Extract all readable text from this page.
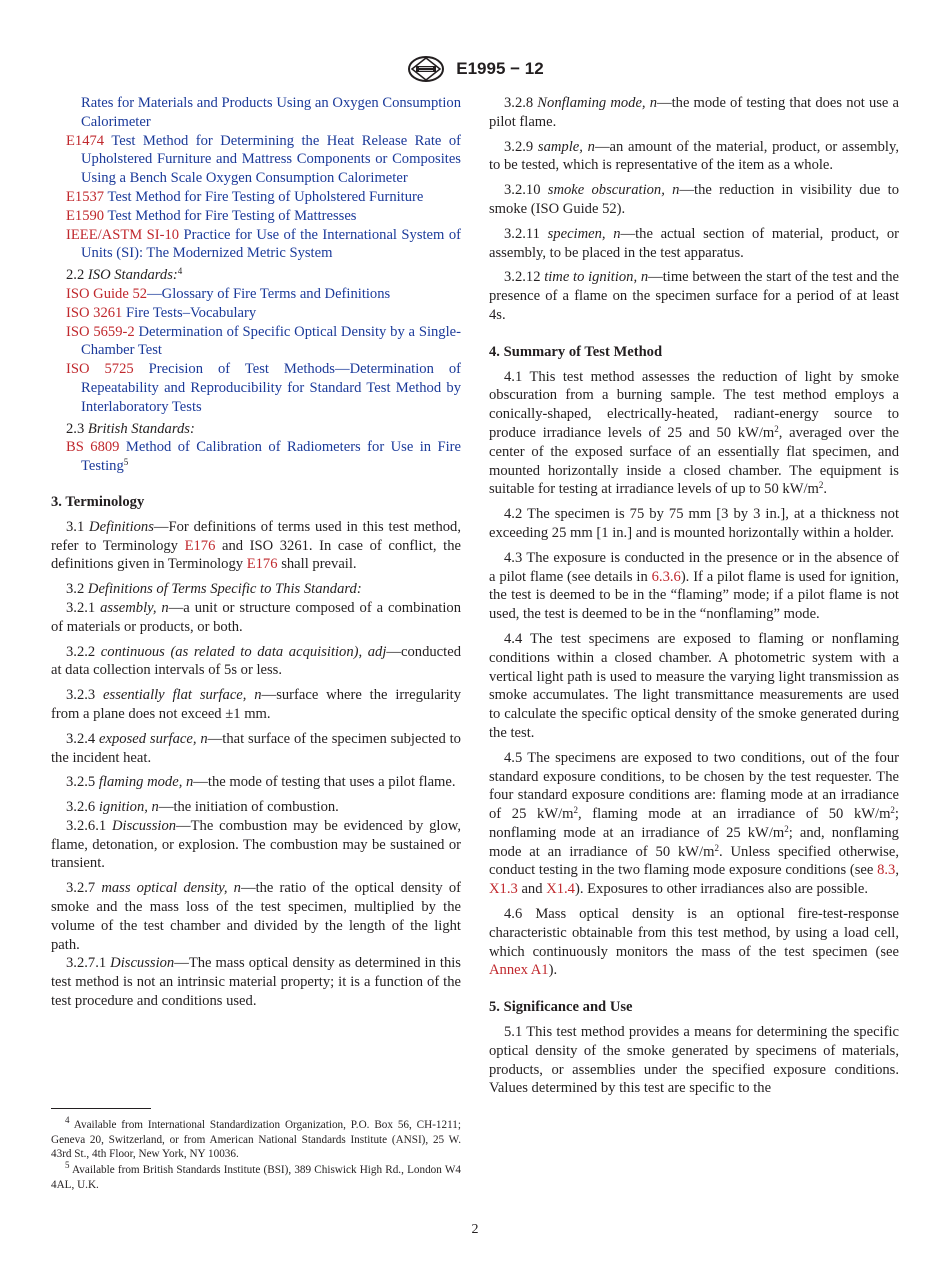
E1995 − 12

Rates for Materials and Products Using an Oxygen Consumption Calorimeter

E1474 Test Method for Determining the Heat Release Rate of Upholstered Furniture and Mattress Components or Composites Using a Bench Scale Oxygen Consumption Calorimeter

E1537 Test Method for Fire Testing of Upholstered Furniture

E1590 Test Method for Fire Testing of Mattresses

IEEE/ASTM SI-10 Practice for Use of the International System of Units (SI): The Modernized Metric System

2.2 ISO Standards:$^4$

ISO Guide 52—Glossary of Fire Terms and Definitions

ISO 3261 Fire Tests–Vocabulary

ISO 5659-2 Determination of Specific Optical Density by a Single-Chamber Test

ISO 5725 Precision of Test Methods—Determination of Repeatability and Reproducibility for Standard Test Method by Interlaboratory Tests

2.3 British Standards:

BS 6809 Method of Calibration of Radiometers for Use in Fire Testing$^5$

3. Terminology

3.1 Definitions—For definitions of terms used in this test method, refer to Terminology E176 and ISO 3261. In case of conflict, the definitions given in Terminology E176 shall prevail.

3.2 Definitions of Terms Specific to This Standard:

3.2.1 assembly, n—a unit or structure composed of a combination of materials or products, or both.

3.2.2 continuous (as related to data acquisition), adj—conducted at data collection intervals of 5s or less.

3.2.3 essentially flat surface, n—surface where the irregularity from a plane does not exceed ±1 mm.

3.2.4 exposed surface, n—that surface of the specimen subjected to the incident heat.

3.2.5 flaming mode, n—the mode of testing that uses a pilot flame.

3.2.6 ignition, n—the initiation of combustion.

3.2.6.1 Discussion—The combustion may be evidenced by glow, flame, detonation, or explosion. The combustion may be sustained or transient.

3.2.7 mass optical density, n—the ratio of the optical density of smoke and the mass loss of the test specimen, multiplied by the volume of the test chamber and divided by the length of the light path.

3.2.7.1 Discussion—The mass optical density as determined in this test method is not an intrinsic material property; it is a function of the test procedure and conditions used.

3.2.8 Nonflaming mode, n—the mode of testing that does not use a pilot flame.

3.2.9 sample, n—an amount of the material, product, or assembly, to be tested, which is representative of the item as a whole.

3.2.10 smoke obscuration, n—the reduction in visibility due to smoke (ISO Guide 52).

3.2.11 specimen, n—the actual section of material, product, or assembly, to be placed in the test apparatus.

3.2.12 time to ignition, n—time between the start of the test and the presence of a flame on the specimen surface for a period of at least 4s.

4. Summary of Test Method

4.1 This test method assesses the reduction of light by smoke obscuration from a burning sample. The test method employs a conically-shaped, electrically-heated, radiant-energy source to produce irradiance levels of 25 and 50 $kW/m^2$, averaged over the center of the exposed surface of an essentially flat specimen, and mounted horizontally inside a closed chamber. The equipment is suitable for testing at irradiance levels of up to 50 $kW/m^2$.

4.2 The specimen is 75 by 75 mm [3 by 3 in.], at a thickness not exceeding 25 mm [1 in.] and is mounted horizontally within a holder.

4.3 The exposure is conducted in the presence or in the absence of a pilot flame (see details in 6.3.6). If a pilot flame is used for ignition, the test is deemed to be in the “flaming” mode; if a pilot flame is not used, the test is deemed to be in the “nonflaming” mode.

4.4 The test specimens are exposed to flaming or nonflaming conditions within a closed chamber. A photometric system with a vertical light path is used to measure the varying light transmission as smoke accumulates. The light transmittance measurements are used to calculate the specific optical density of the smoke generated during the test.

4.5 The specimens are exposed to two conditions, out of the four standard exposure conditions, to be chosen by the test requester. The four standard exposure conditions are: flaming mode at an irradiance of 25 $kW/m^2$, flaming mode at an irradiance of 50 $kW/m^2$; nonflaming mode at an irradiance of 25 $kW/m^2$; and, nonflaming mode at an irradiance of 50 $kW/m^2$. Unless specified otherwise, conduct testing in the two flaming mode exposure conditions (see 8.3, X1.3 and X1.4). Exposures to other irradiances also are possible.

4.6 Mass optical density is an optional fire-test-response characteristic obtainable from this test method, by using a load cell, which continuously monitors the mass of the test specimen (see Annex A1).

5. Significance and Use

5.1 This test method provides a means for determining the specific optical density of the smoke generated by specimens of materials, products, or assemblies under the specified exposure conditions. Values determined by this test are specific to the

$^4$ Available from International Standardization Organization, P.O. Box 56, CH-1211; Geneva 20, Switzerland, or from American National Standards Institute (ANSI), 25 W. 43rd St., 4th Floor, New York, NY 10036.

$^5$ Available from British Standards Institute (BSI), 389 Chiswick High Rd., London W4 4AL, U.K.

2
